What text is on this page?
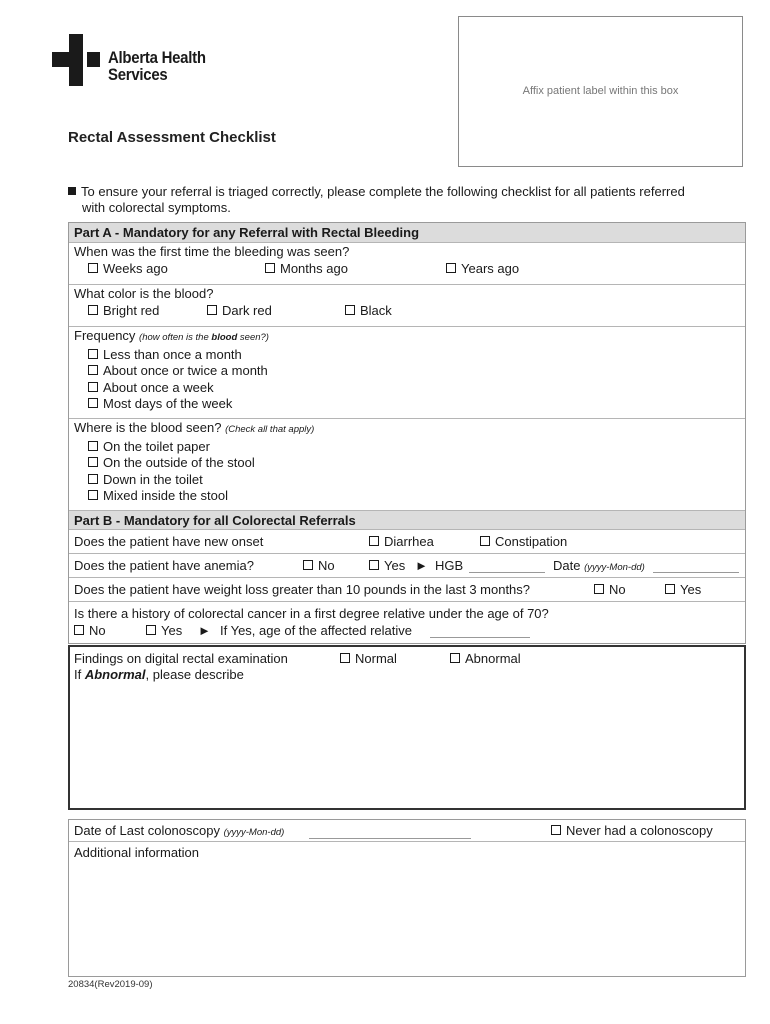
Alberta Health
Services
Affix patient label within this box
Rectal Assessment Checklist
To ensure your referral is triaged correctly, please complete the following checklist for all patients referred
with colorectal symptoms.
Part A - Mandatory for any Referral with Rectal Bleeding
When was the first time the bleeding was seen?
Weeks ago	Months ago	Years ago
What color is the blood?
Bright red	Dark red	Black
Frequency (how often is the blood seen?)
Less than once a month
About once or twice a month
About once a week
Most days of the week
Where is the blood seen? (Check all that apply)
On the toilet paper
On the outside of the stool
Down in the toilet
Mixed inside the stool
Part B - Mandatory for all Colorectal Referrals
Does the patient have new onset	Diarrhea	Constipation
Does the patient have anemia?	No	Yes ► HGB	Date (yyyy-Mon-dd)
Does the patient have weight loss greater than 10 pounds in the last 3 months?	No	Yes
Is there a history of colorectal cancer in a first degree relative under the age of 70?
No	Yes ► If Yes, age of the affected relative
Findings on digital rectal examination	Normal	Abnormal
If Abnormal, please describe
Date of Last colonoscopy (yyyy-Mon-dd)	Never had a colonoscopy
Additional information
20834(Rev2019-09)
